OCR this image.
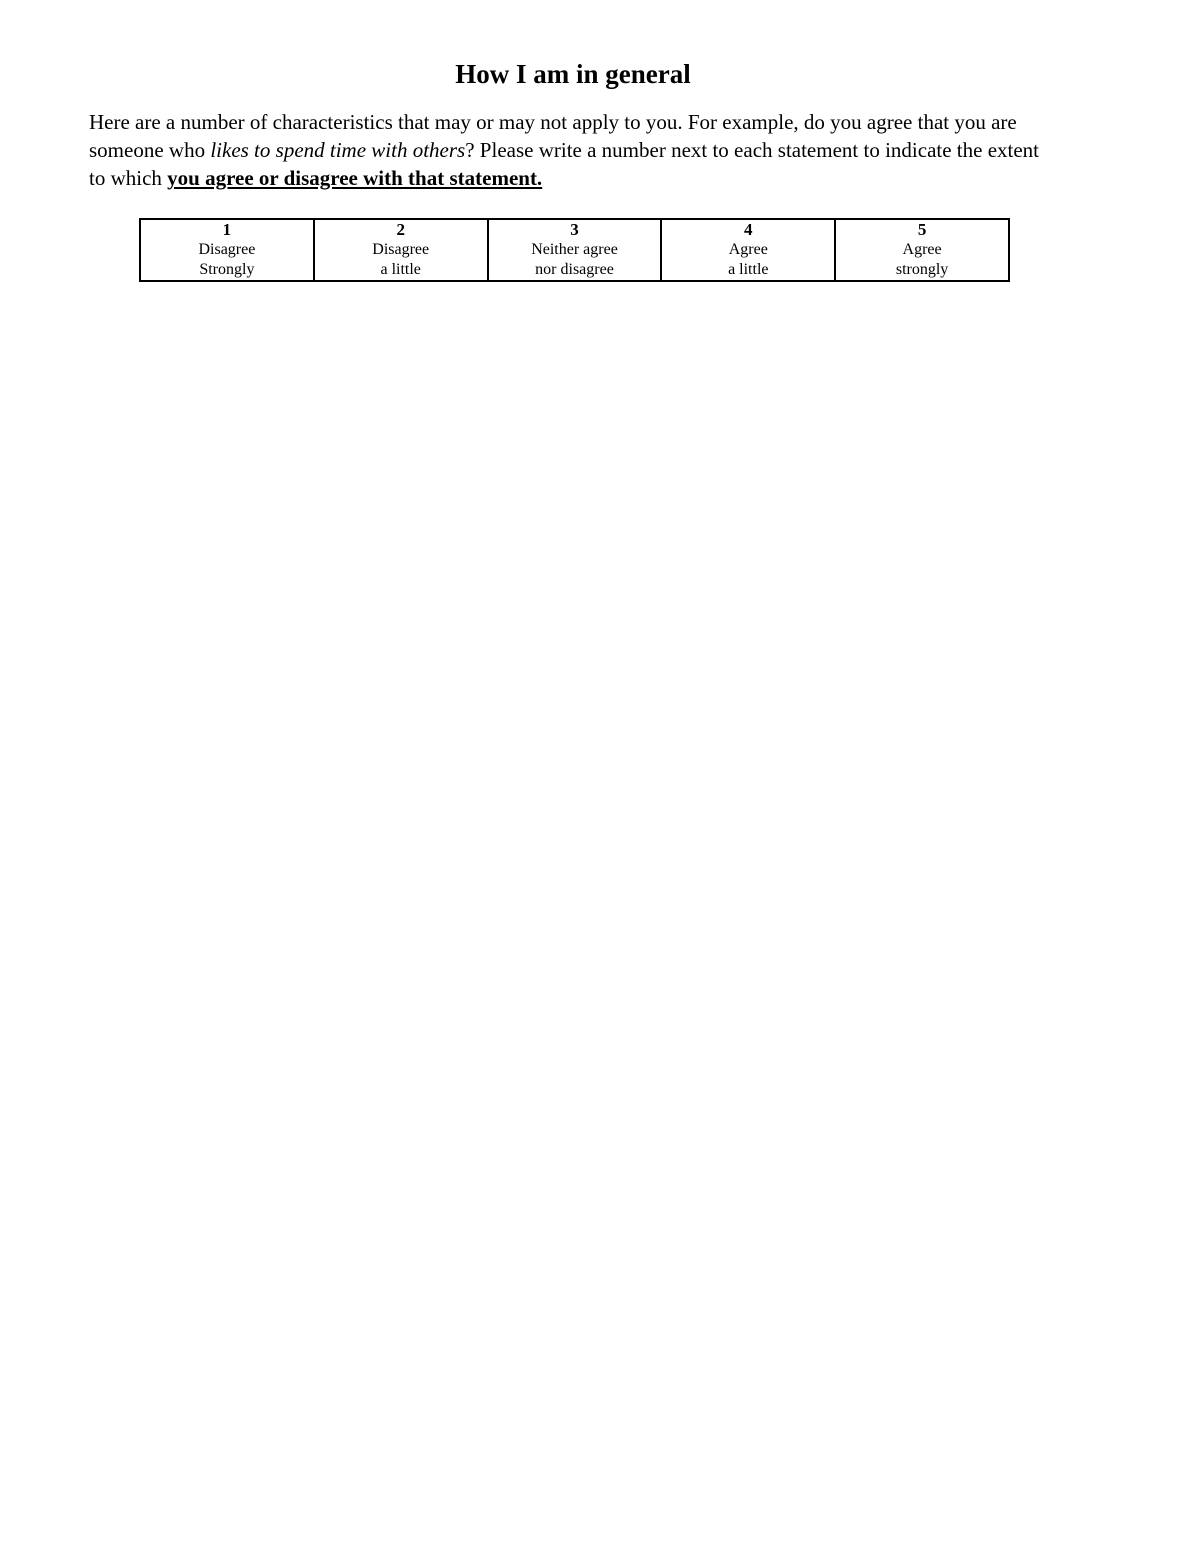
How I am in general

Here are a number of characteristics that may or may not apply to you. For example, do you agree that you are someone who likes to spend time with others? Please write a number next to each statement to indicate the extent to which you agree or disagree with that statement.

1
Disagree
Strongly

2
Disagree
a little

3
Neither agree
nor disagree

4
Agree
a little

5
Agree
strongly
